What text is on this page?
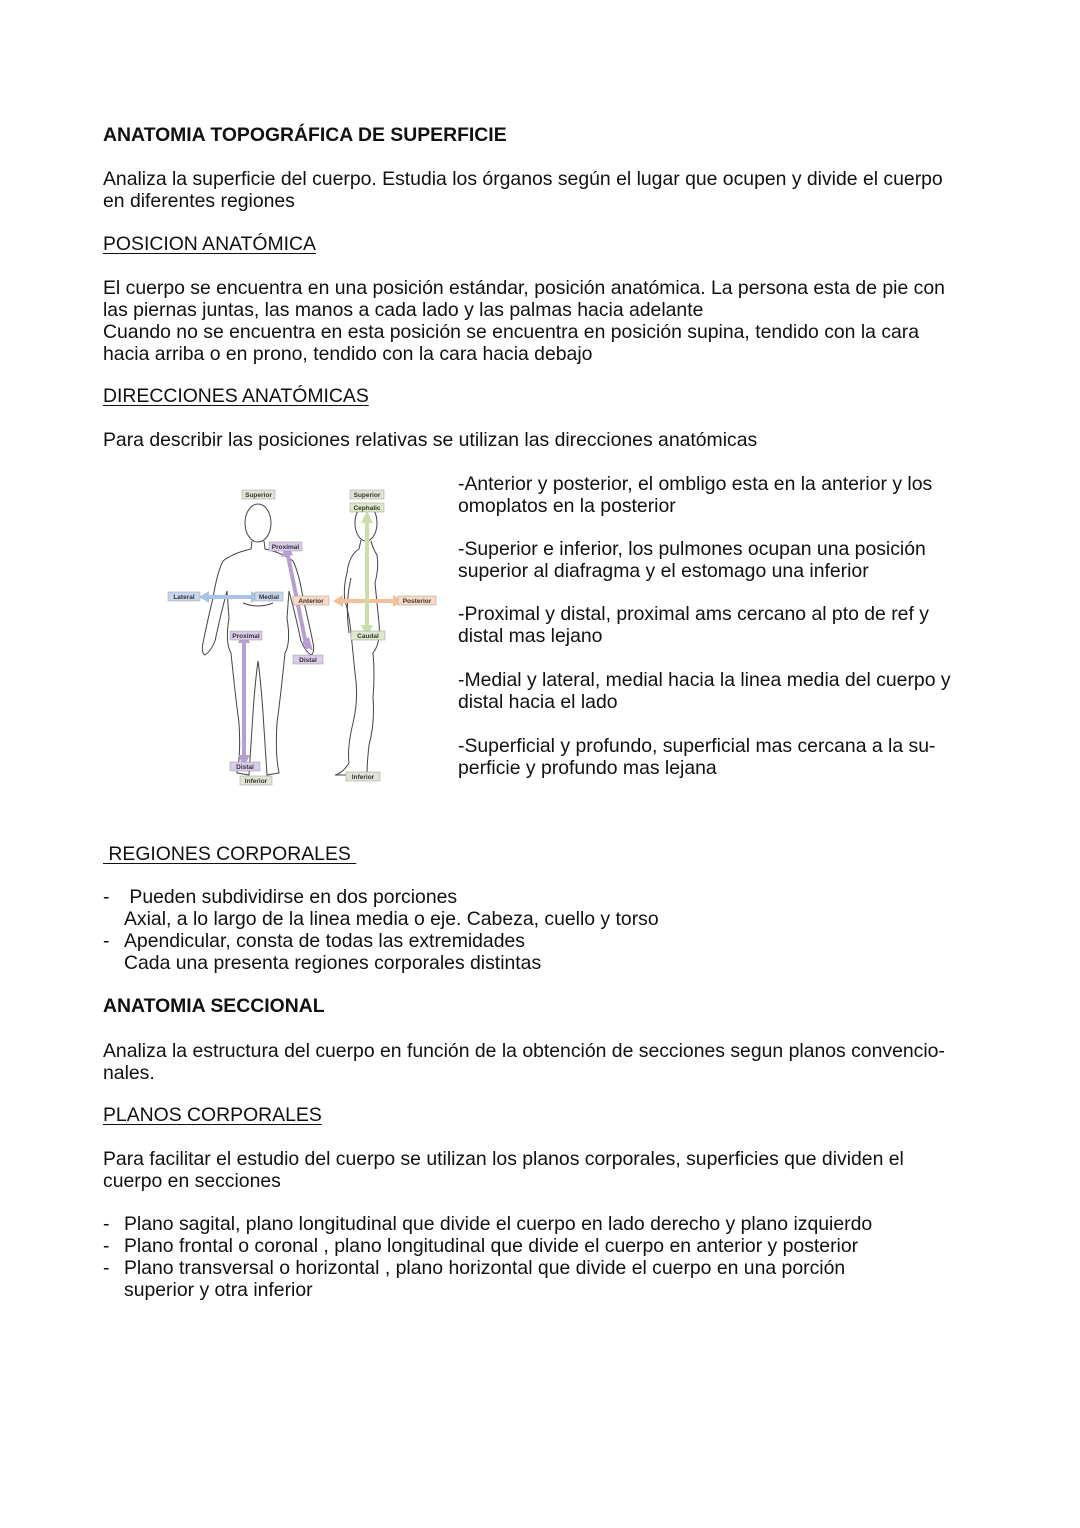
ANATOMIA TOPOGRÁFICA DE SUPERFICIE
Analiza la superficie del cuerpo. Estudia los órganos según el lugar que ocupen y divide el cuerpo
en diferentes regiones
POSICION ANATÓMICA
El cuerpo se encuentra en una posición estándar, posición anatómica. La persona esta de pie con
las piernas juntas, las manos a cada lado y las palmas hacia adelante
Cuando no se encuentra en esta posición se encuentra en posición supina, tendido con la cara
hacia arriba o en prono, tendido con la cara hacia debajo
DIRECCIONES ANATÓMICAS
Para describir las posiciones relativas se utilizan las direcciones anatómicas
Superior
Proximal
Lateral	Medial
Proximal
Distal
Distal
Inferior
Superior
Cephalic
Anterior	Posterior
Caudal
Inferior
-Anterior y posterior, el ombligo esta en la anterior y los
omoplatos en la posterior
-Superior e inferior, los pulmones ocupan una posición
superior al diafragma y el estomago una inferior
-Proximal y distal, proximal ams cercano al pto de ref y
distal mas lejano
-Medial y lateral, medial hacia la linea media del cuerpo y
distal hacia el lado
-Superficial y profundo, superficial mas cercana a la su-
perficie y profundo mas lejana
REGIONES CORPORALES
- Pueden subdividirse en dos porciones
Axial, a lo largo de la linea media o eje. Cabeza, cuello y torso
- Apendicular, consta de todas las extremidades
Cada una presenta regiones corporales distintas
ANATOMIA SECCIONAL
Analiza la estructura del cuerpo en función de la obtención de secciones segun planos convencio-
nales.
PLANOS CORPORALES
Para facilitar el estudio del cuerpo se utilizan los planos corporales, superficies que dividen el
cuerpo en secciones
- Plano sagital, plano longitudinal que divide el cuerpo en lado derecho y plano izquierdo
- Plano frontal o coronal , plano longitudinal que divide el cuerpo en anterior y posterior
- Plano transversal o horizontal , plano horizontal que divide el cuerpo en una porción
superior y otra inferior
